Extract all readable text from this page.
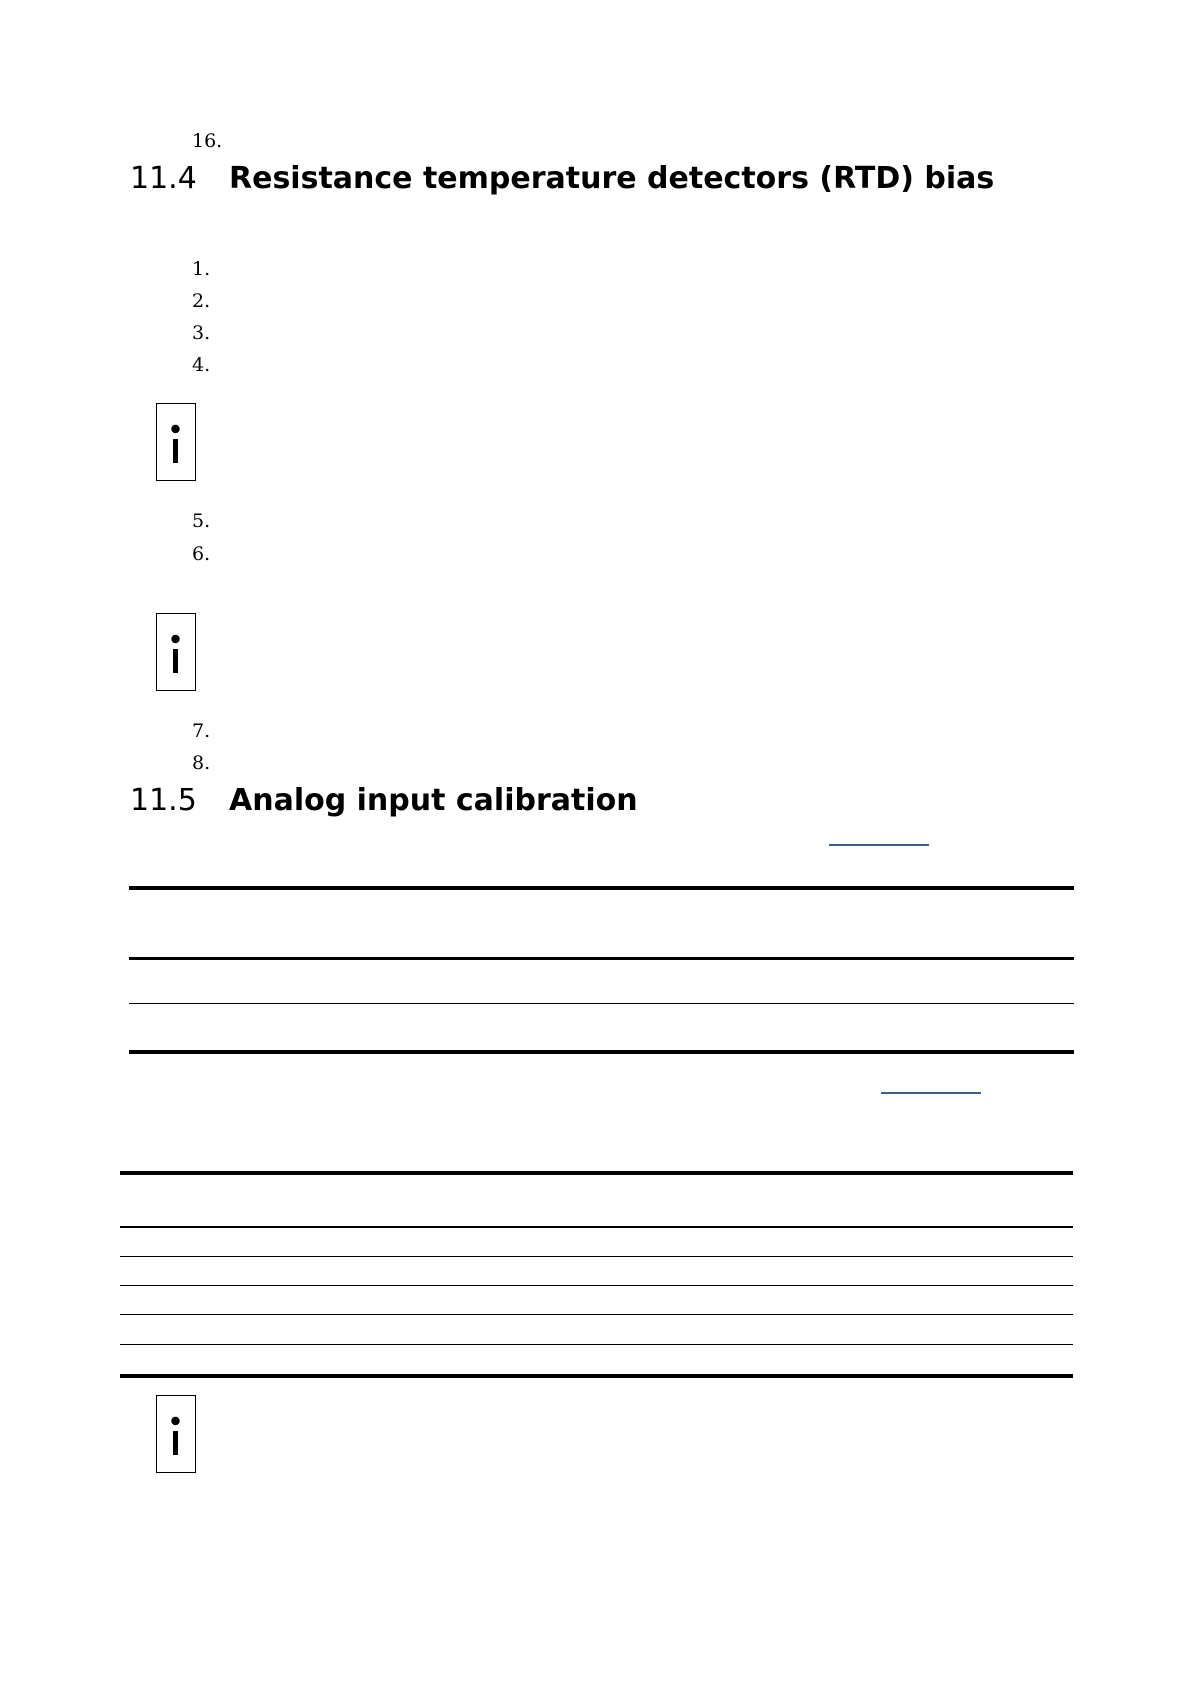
16.
11.4 Resistance temperature detectors (RTD) bias
1.
2.
3.
4.
5.
6.
7.
8.
11.5 Analog input calibration
